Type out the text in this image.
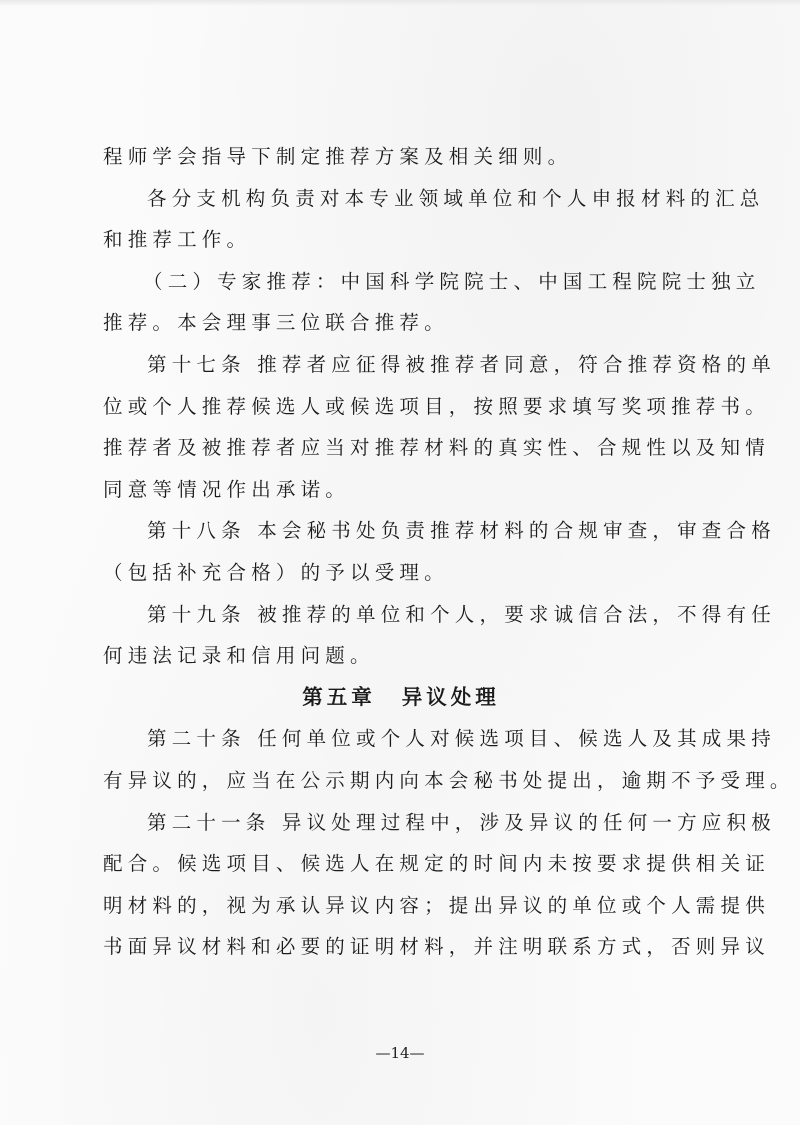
程师学会指导下制定推荐方案及相关细则。
各分支机构负责对本专业领域单位和个人申报材料的汇总
和推荐工作。
（二）专家推荐：中国科学院院士、中国工程院院士独立
推荐。本会理事三位联合推荐。
第十七条 推荐者应征得被推荐者同意，符合推荐资格的单
位或个人推荐候选人或候选项目，按照要求填写奖项推荐书。
推荐者及被推荐者应当对推荐材料的真实性、合规性以及知情
同意等情况作出承诺。
第十八条 本会秘书处负责推荐材料的合规审查，审查合格
（包括补充合格）的予以受理。
第十九条 被推荐的单位和个人，要求诚信合法，不得有任
何违法记录和信用问题。
第五章 异议处理
第二十条 任何单位或个人对候选项目、候选人及其成果持
有异议的，应当在公示期内向本会秘书处提出，逾期不予受理。
第二十一条 异议处理过程中，涉及异议的任何一方应积极
配合。候选项目、候选人在规定的时间内未按要求提供相关证
明材料的，视为承认异议内容；提出异议的单位或个人需提供
书面异议材料和必要的证明材料，并注明联系方式，否则异议
—14—
